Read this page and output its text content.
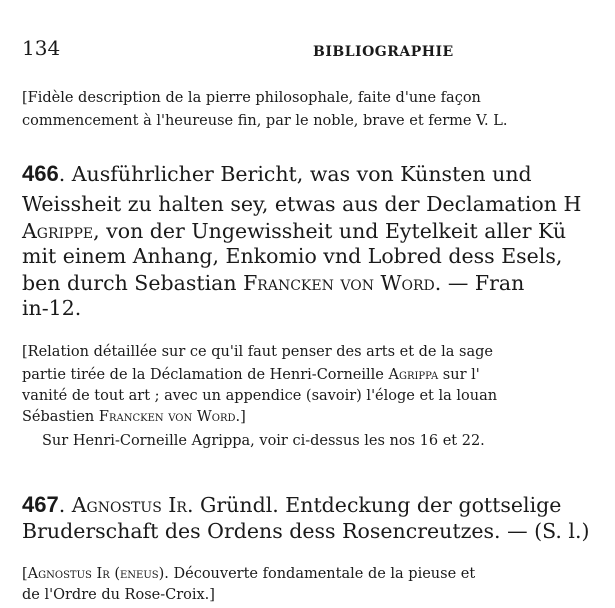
134	BIBLIOGRAPHIE
[Fidèle description de la pierre philosophale, faite d'une façon
commencement à l'heureuse fin, par le noble, brave et ferme V. L.
466. Ausführlicher Bericht, was von Künsten und
Weissheit zu halten sey, etwas aus der Declamation H
Agrippe, von der Ungewissheit und Eytelkeit aller Kü
mit einem Anhang, Enkomio vnd Lobred dess Esels,
ben durch Sebastian Francken von Word. — Fran
in-12.
[Relation détaillée sur ce qu'il faut penser des arts et de la sage
partie tirée de la Déclamation de Henri-Corneille Agrippa sur l'
vanité de tout art ; avec un appendice (savoir) l'éloge et la louan
Sébastien Francken von Word.]
Sur Henri-Corneille Agrippa, voir ci-dessus les nos 16 et 22.
467. Agnostus Ir. Gründl. Entdeckung der gottselige
Bruderschaft des Ordens dess Rosencreutzes. — (S. l.)
[Agnostus Ir (eneus). Découverte fondamentale de la pieuse et
de l'Ordre du Rose-Croix.]
